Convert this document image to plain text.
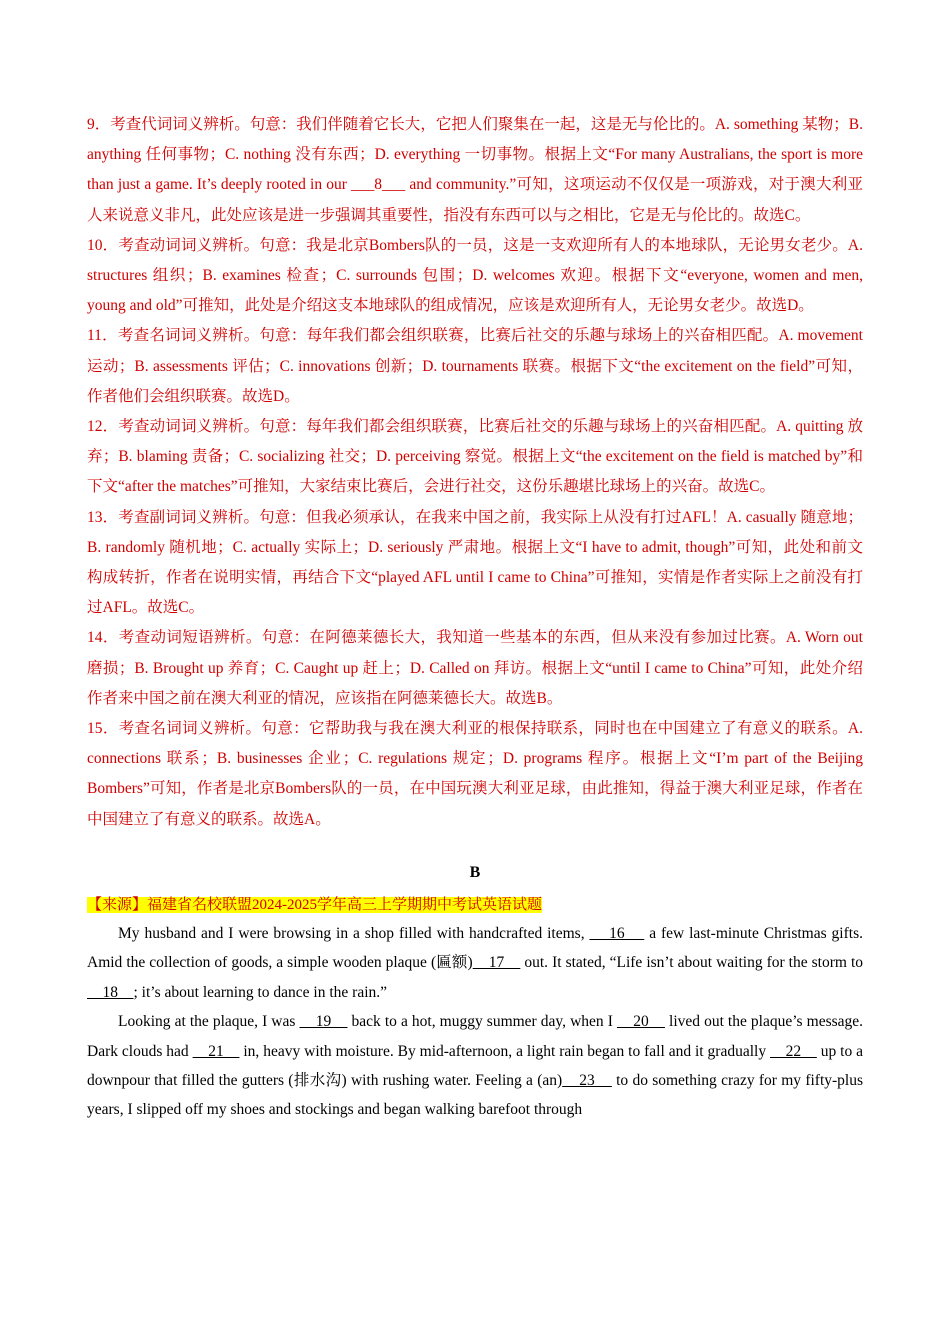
9．考查代词词义辨析。句意：我们伴随着它长大，它把人们聚集在一起，这是无与伦比的。A. something 某物；B. anything 任何事物；C. nothing 没有东西；D. everything 一切事物。根据上文“For many Australians, the sport is more than just a game. It’s deeply rooted in our ___8___ and community.”可知，这项运动不仅仅是一项游戏，对于澳大利亚人来说意义非凡，此处应该是进一步强调其重要性，指没有东西可以与之相比，它是无与伦比的。故选C。

10．考查动词词义辨析。句意：我是北京Bombers队的一员，这是一支欢迎所有人的本地球队，无论男女老少。A. structures 组织；B. examines 检查；C. surrounds 包围；D. welcomes 欢迎。根据下文“everyone, women and men, young and old”可推知，此处是介绍这支本地球队的组成情况，应该是欢迎所有人，无论男女老少。故选D。

11．考查名词词义辨析。句意：每年我们都会组织联赛，比赛后社交的乐趣与球场上的兴奋相匹配。A. movement 运动；B. assessments 评估；C. innovations 创新；D. tournaments 联赛。根据下文“the excitement on the field”可知，作者他们会组织联赛。故选D。

12．考查动词词义辨析。句意：每年我们都会组织联赛，比赛后社交的乐趣与球场上的兴奋相匹配。A. quitting 放弃；B. blaming 责备；C. socializing 社交；D. perceiving 察觉。根据上文“the excitement on the field is matched by”和下文“after the matches”可推知，大家结束比赛后，会进行社交，这份乐趣堪比球场上的兴奋。故选C。

13．考查副词词义辨析。句意：但我必须承认，在我来中国之前，我实际上从没有打过AFL！A. casually 随意地；B. randomly 随机地；C. actually 实际上；D. seriously 严肃地。根据上文“I have to admit, though”可知，此处和前文构成转折，作者在说明实情，再结合下文“played AFL until I came to China”可推知，实情是作者实际上之前没有打过AFL。故选C。

14．考查动词短语辨析。句意：在阿德莱德长大，我知道一些基本的东西，但从来没有参加过比赛。A. Worn out 磨损；B. Brought up 养育；C. Caught up 赶上；D. Called on 拜访。根据上文“until I came to China”可知，此处介绍作者来中国之前在澳大利亚的情况，应该指在阿德莱德长大。故选B。

15．考查名词词义辨析。句意：它帮助我与我在澳大利亚的根保持联系，同时也在中国建立了有意义的联系。A. connections 联系；B. businesses 企业；C. regulations 规定；D. programs 程序。根据上文“I’m part of the Beijing Bombers”可知，作者是北京Bombers队的一员，在中国玩澳大利亚足球，由此推知，得益于澳大利亚足球，作者在中国建立了有意义的联系。故选A。

B
【来源】福建省名校联盟2024-2025学年高三上学期期中考试英语试题

My husband and I were browsing in a shop filled with handcrafted items,     16     a few last-minute Christmas gifts. Amid the collection of goods, a simple wooden plaque (匾额)    17     out. It stated, “Life isn’t about waiting for the storm to     18    ; it’s about learning to dance in the rain.”

Looking at the plaque, I was     19     back to a hot, muggy summer day, when I     20     lived out the plaque’s message. Dark clouds had     21     in, heavy with moisture. By mid-afternoon, a light rain began to fall and it gradually     22     up to a downpour that filled the gutters (排水沟) with rushing water. Feeling a (an)    23     to do something crazy for my fifty-plus years, I slipped off my shoes and stockings and began walking barefoot through
